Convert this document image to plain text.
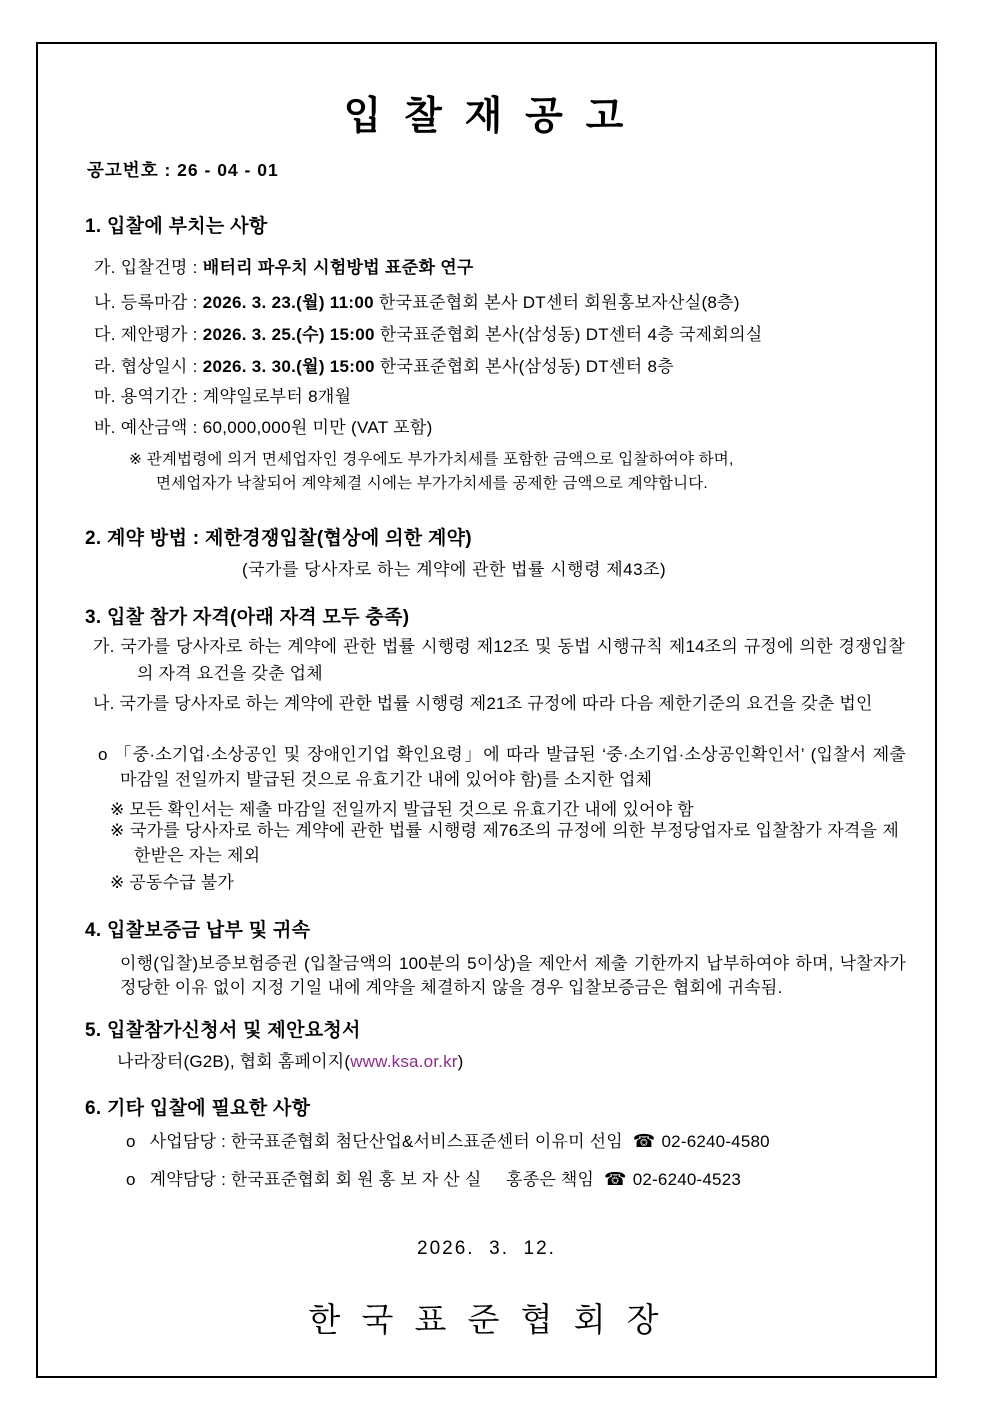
입 찰 재 공 고
공고번호 : 26 - 04 - 01
1. 입찰에 부치는 사항
가. 입찰건명 : 배터리 파우치 시험방법 표준화 연구
나. 등록마감 : 2026. 3. 23.(월) 11:00 한국표준협회 본사 DT센터 회원홍보자산실(8층)
다. 제안평가 : 2026. 3. 25.(수) 15:00 한국표준협회 본사(삼성동) DT센터 4층 국제회의실
라. 협상일시 : 2026. 3. 30.(월) 15:00 한국표준협회 본사(삼성동) DT센터 8층
마. 용역기간 : 계약일로부터 8개월
바. 예산금액 : 60,000,000원 미만 (VAT 포함)
※ 관계법령에 의거 면세업자인 경우에도 부가가치세를 포함한 금액으로 입찰하여야 하며,
면세업자가 낙찰되어 계약체결 시에는 부가가치세를 공제한 금액으로 계약합니다.
2. 계약 방법 : 제한경쟁입찰(협상에 의한 계약)
(국가를 당사자로 하는 계약에 관한 법률 시행령 제43조)
3. 입찰 참가 자격(아래 자격 모두 충족)
가. 국가를 당사자로 하는 계약에 관한 법률 시행령 제12조 및 동법 시행규칙 제14조의 규정에 의한 경쟁입찰의 자격 요건을 갖춘 업체
나. 국가를 당사자로 하는 계약에 관한 법률 시행령 제21조 규정에 따라 다음 제한기준의 요건을 갖춘 법인
o 「중·소기업·소상공인 및 장애인기업 확인요령」에 따라 발급된 ‘중·소기업·소상공인확인서’ (입찰서 제출 마감일 전일까지 발급된 것으로 유효기간 내에 있어야 함)를 소지한 업체
※ 모든 확인서는 제출 마감일 전일까지 발급된 것으로 유효기간 내에 있어야 함
※ 국가를 당사자로 하는 계약에 관한 법률 시행령 제76조의 규정에 의한 부정당업자로 입찰참가 자격을 제한받은 자는 제외
※ 공동수급 불가
4. 입찰보증금 납부 및 귀속
이행(입찰)보증보험증권 (입찰금액의 100분의 5이상)을 제안서 제출 기한까지 납부하여야 하며, 낙찰자가 정당한 이유 없이 지정 기일 내에 계약을 체결하지 않을 경우 입찰보증금은 협회에 귀속됨.
5. 입찰참가신청서 및 제안요청서
나라장터(G2B), 협회 홈페이지(www.ksa.or.kr)
6. 기타 입찰에 필요한 사항
o 사업담당 : 한국표준협회 첨단산업&서비스표준센터 이유미 선임 ☎ 02-6240-4580
o 계약담당 : 한국표준협회 회 원 홍 보 자 산 실     홍종은 책임 ☎ 02-6240-4523
2026.  3.  12.
한 국 표 준 협 회 장
